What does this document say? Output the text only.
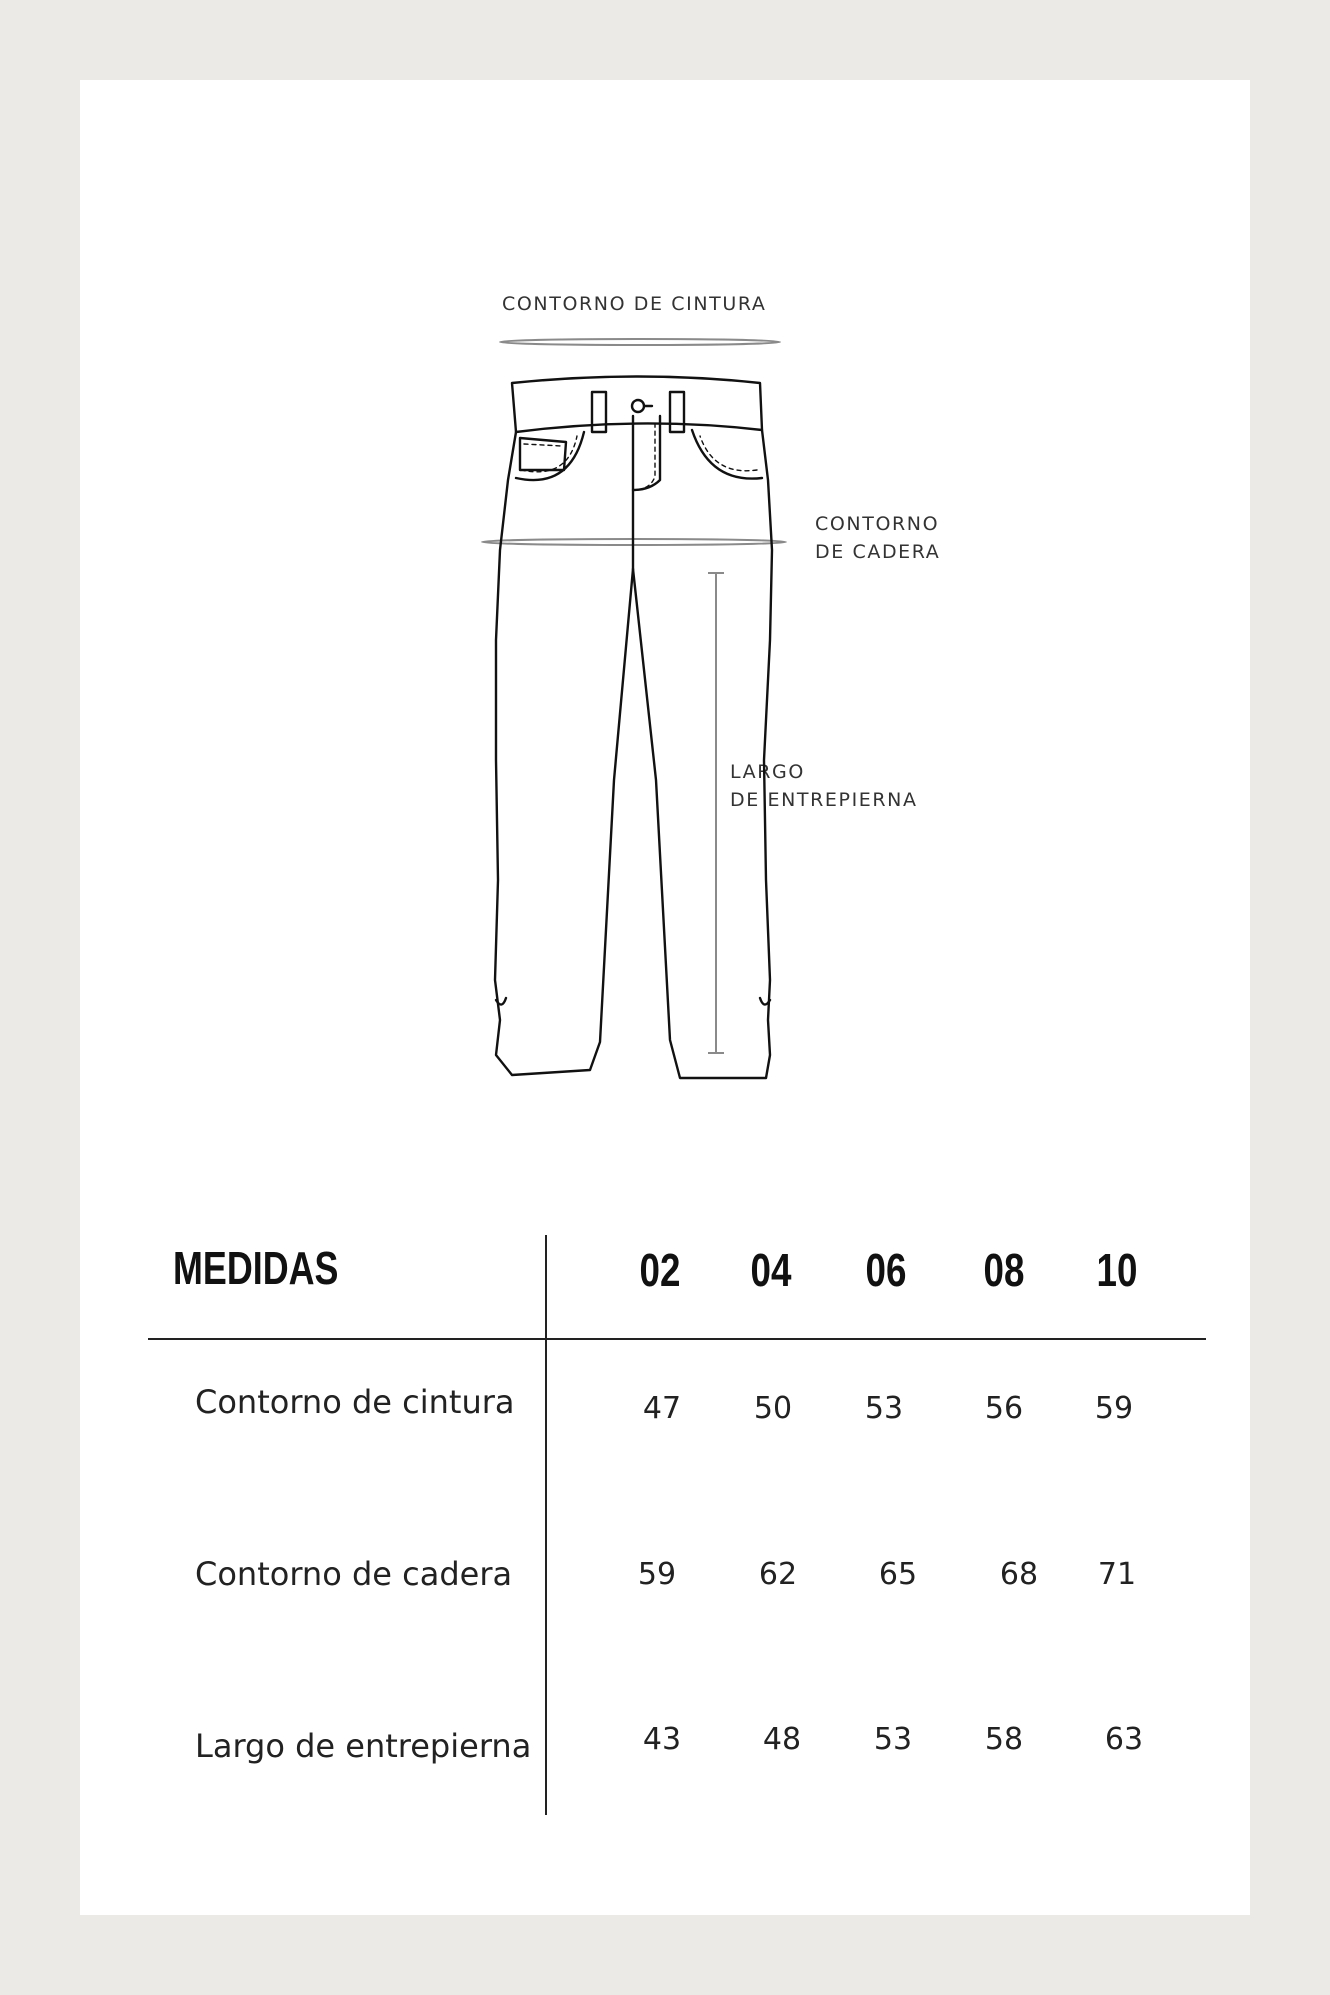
CONTORNO DE CINTURA
CONTORNO
DE CADERA
LARGO
DE ENTREPIERNA
MEDIDAS	02 04 06 08 10
Contorno de cintura	47	50	53	56	59
Contorno de cadera	59	62	65	68	71
Largo de entrepierna	43	48	53	58	63
